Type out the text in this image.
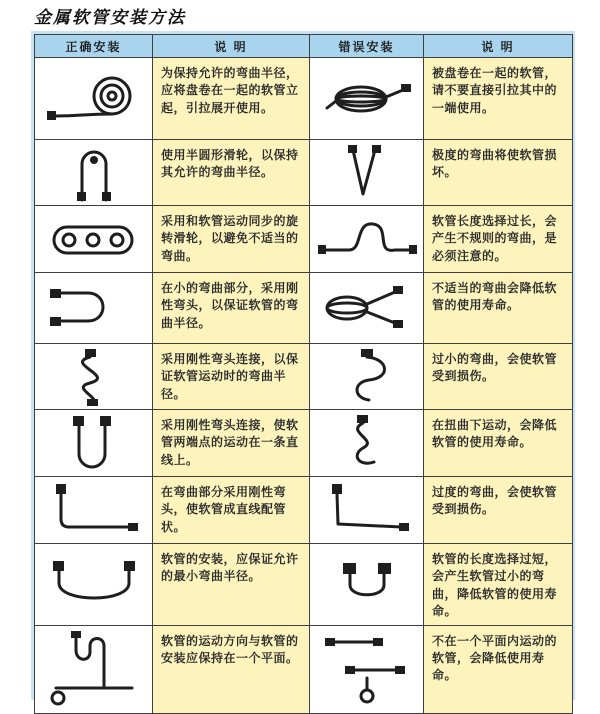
金属软管安装方法
正确安装	说 明	错误安装	说 明

为保持允许的弯曲半径，应将盘卷在一起的软管立起，引拉展开使用。		被盘卷在一起的软管，请不要直接引拉其中的一端使用。

使用半圆形滑轮，以保持其允许的弯曲半径。		极度的弯曲将使软管损坏。

采用和软管运动同步的旋转滑轮，以避免不适当的弯曲。		软管长度选择过长，会产生不规则的弯曲，是必须注意的。

在小的弯曲部分，采用刚性弯头，以保证软管的弯曲半径。		不适当的弯曲会降低软管的使用寿命。

采用刚性弯头连接，以保证软管运动时的弯曲半径。		过小的弯曲，会使软管受到损伤。

采用刚性弯头连接，使软管两端点的运动在一条直线上。		在扭曲下运动，会降低软管的使用寿命。

在弯曲部分采用刚性弯头，使软管成直线配管状。		过度的弯曲，会使软管受到损伤。

软管的安装，应保证允许的最小弯曲半径。		软管的长度选择过短，会产生软管过小的弯曲，降低软管的使用寿命。

软管的运动方向与软管的安装应保持在一个平面。		不在一个平面内运动的软管，会降低使用寿命。
